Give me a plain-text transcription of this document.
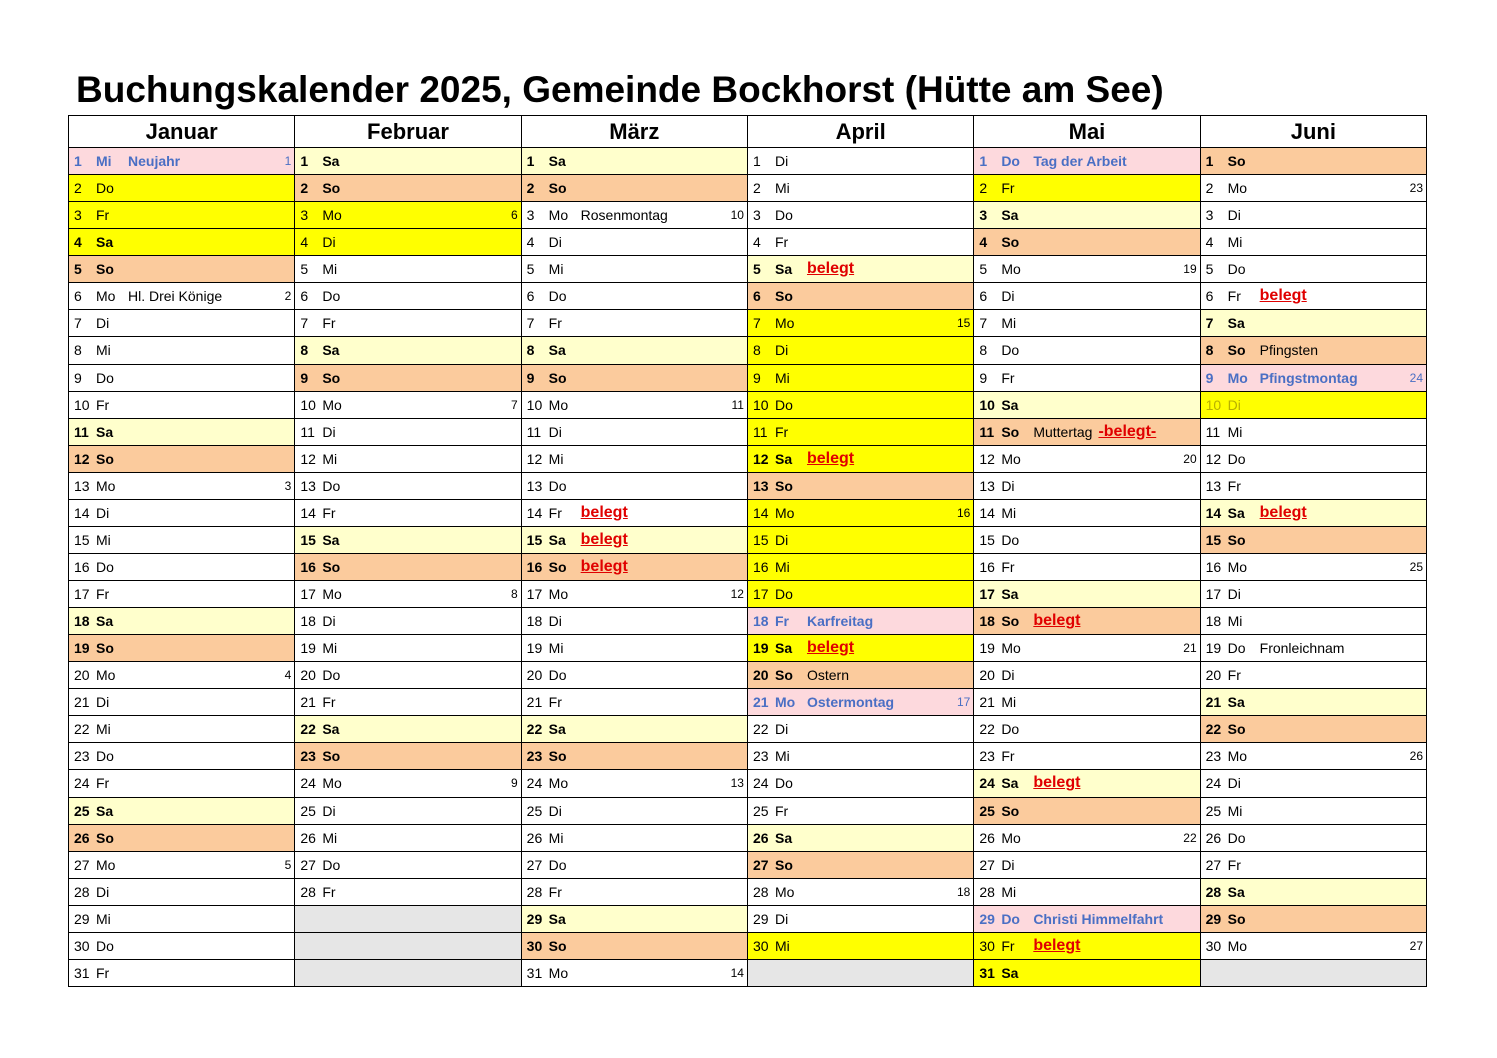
Buchungskalender 2025, Gemeinde Bockhorst (Hütte am See)
Januar	Februar	März	April	Mai	Juni

1 Mi Neujahr 1	1 Sa	1 Sa	1 Di	1 Do Tag der Arbeit	1 So

2 Do	2 So	2 So	2 Mi	2 Fr	2 Mo 23

3 Fr	3 Mo 6	3 Mo Rosenmontag 10	3 Do	3 Sa	3 Di

4 Sa	4 Di	4 Di	4 Fr	4 So	4 Mi

5 So	5 Mi	5 Mi	5 Sa belegt	5 Mo 19	5 Do

6 Mo Hl. Drei Könige 2	6 Do	6 Do	6 So	6 Di	6 Fr belegt

7 Di	7 Fr	7 Fr	7 Mo 15	7 Mi	7 Sa

8 Mi	8 Sa	8 Sa	8 Di	8 Do	8 So Pfingsten

9 Do	9 So	9 So	9 Mi	9 Fr	9 Mo Pfingstmontag 24

10 Fr	10 Mo 7	10 Mo 11	10 Do	10 Sa	10 Di

11 Sa	11 Di	11 Di	11 Fr	11 So Muttertag -belegt-	11 Mi

12 So	12 Mi	12 Mi	12 Sa belegt	12 Mo 20	12 Do

13 Mo 3	13 Do	13 Do	13 So	13 Di	13 Fr

14 Di	14 Fr	14 Fr belegt	14 Mo 16	14 Mi	14 Sa belegt

15 Mi	15 Sa	15 Sa belegt	15 Di	15 Do	15 So

16 Do	16 So	16 So belegt	16 Mi	16 Fr	16 Mo 25

17 Fr	17 Mo 8	17 Mo 12	17 Do	17 Sa	17 Di

18 Sa	18 Di	18 Di	18 Fr Karfreitag	18 So belegt	18 Mi

19 So	19 Mi	19 Mi	19 Sa belegt	19 Mo 21	19 Do Fronleichnam

20 Mo 4	20 Do	20 Do	20 So Ostern	20 Di	20 Fr

21 Di	21 Fr	21 Fr	21 Mo Ostermontag 17	21 Mi	21 Sa

22 Mi	22 Sa	22 Sa	22 Di	22 Do	22 So

23 Do	23 So	23 So	23 Mi	23 Fr	23 Mo 26

24 Fr	24 Mo 9	24 Mo 13	24 Do	24 Sa belegt	24 Di

25 Sa	25 Di	25 Di	25 Fr	25 So	25 Mi

26 So	26 Mi	26 Mi	26 Sa	26 Mo 22	26 Do

27 Mo 5	27 Do	27 Do	27 So	27 Di	27 Fr

28 Di	28 Fr	28 Fr	28 Mo 18	28 Mi	28 Sa

29 Mi		29 Sa	29 Di	29 Do Christi Himmelfahrt	29 So

30 Do		30 So	30 Mi	30 Fr belegt	30 Mo 27

31 Fr		31 Mo 14		31 Sa	
